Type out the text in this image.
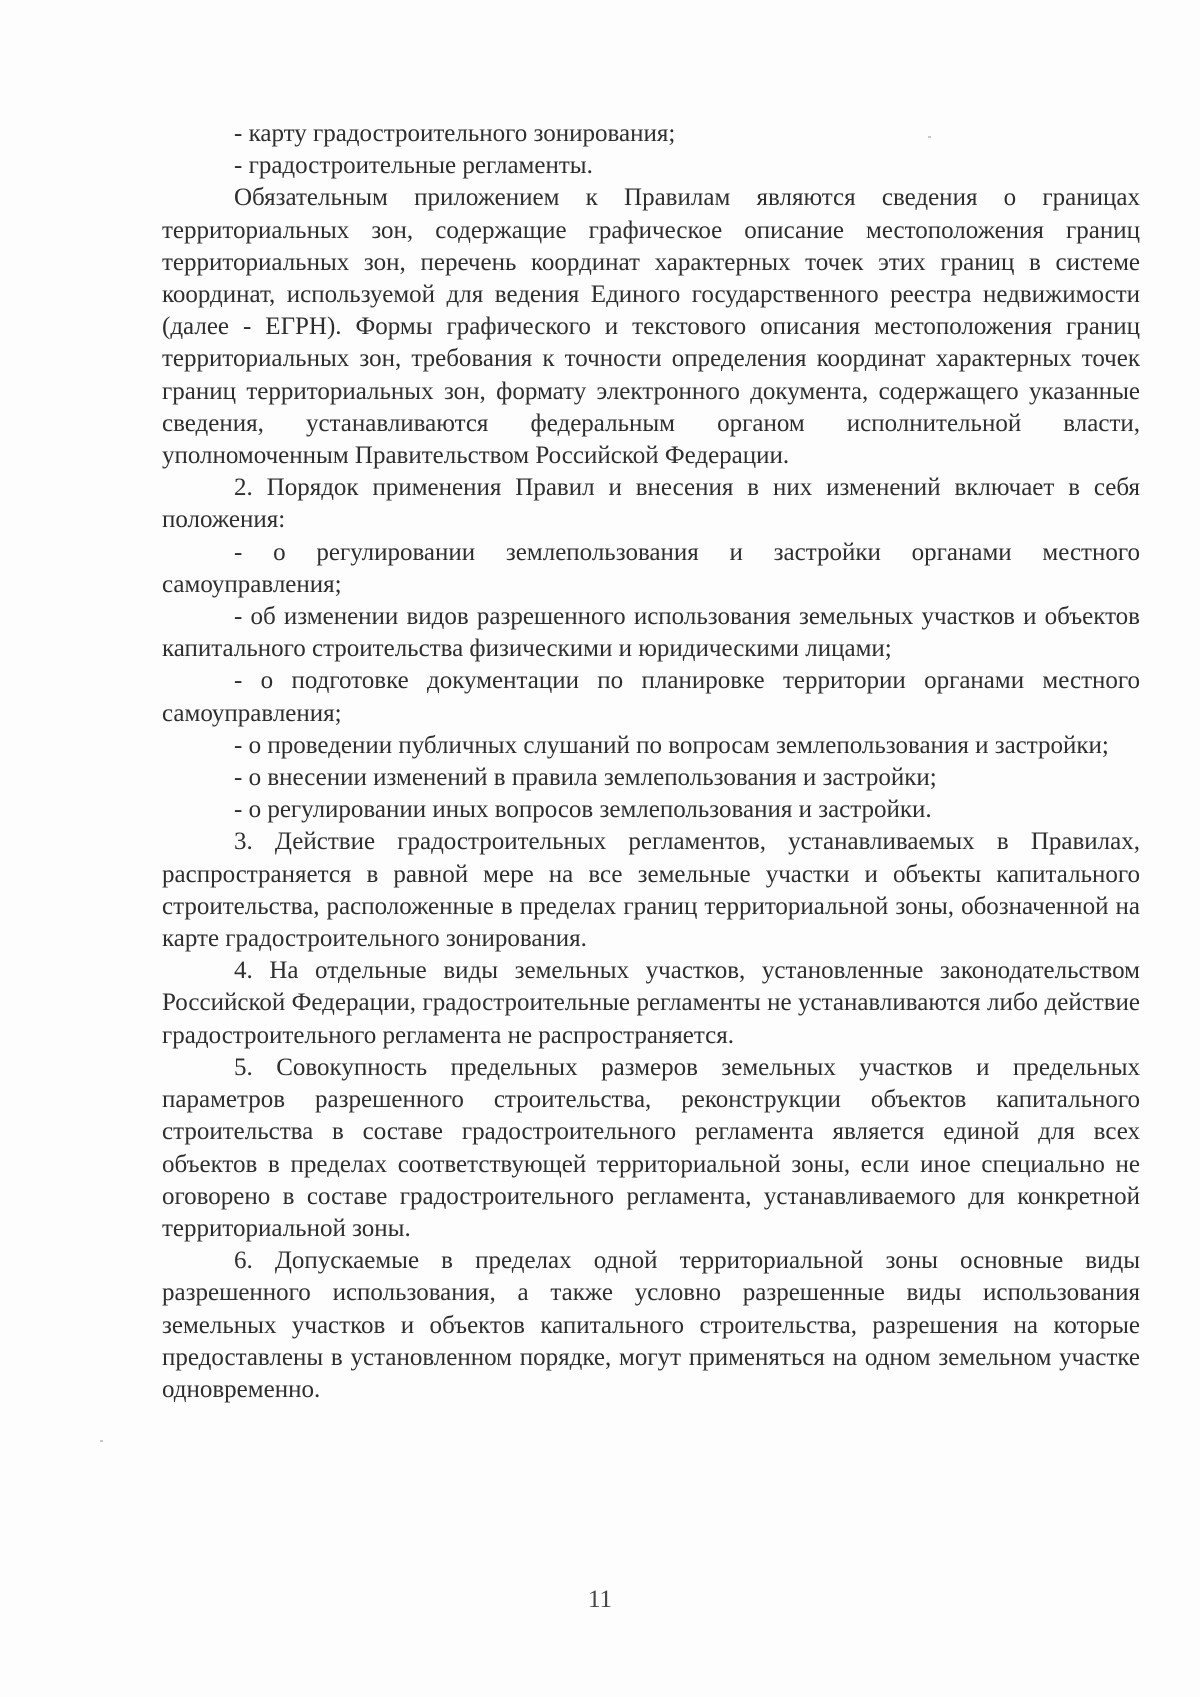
- карту градостроительного зонирования;

- градостроительные регламенты.

Обязательным приложением к Правилам являются сведения о границах территориальных зон, содержащие графическое описание местоположения границ территориальных зон, перечень координат характерных точек этих границ в системе координат, используемой для ведения Единого государственного реестра недвижимости (далее - ЕГРН). Формы графического и текстового описания местоположения границ территориальных зон, требования к точности определения координат характерных точек границ территориальных зон, формату электронного документа, содержащего указанные сведения, устанавливаются федеральным органом исполнительной власти, уполномоченным Правительством Российской Федерации.

2. Порядок применения Правил и внесения в них изменений включает в себя положения:

- о регулировании землепользования и застройки органами местного самоуправления;

- об изменении видов разрешенного использования земельных участков и объектов капитального строительства физическими и юридическими лицами;

- о подготовке документации по планировке территории органами местного самоуправления;

- о проведении публичных слушаний по вопросам землепользования и застройки;

- о внесении изменений в правила землепользования и застройки;

- о регулировании иных вопросов землепользования и застройки.

3. Действие градостроительных регламентов, устанавливаемых в Правилах, распространяется в равной мере на все земельные участки и объекты капитального строительства, расположенные в пределах границ территориальной зоны, обозначенной на карте градостроительного зонирования.

4. На отдельные виды земельных участков, установленные законодательством Российской Федерации, градостроительные регламенты не устанавливаются либо действие градостроительного регламента не распространяется.

5. Совокупность предельных размеров земельных участков и предельных параметров разрешенного строительства, реконструкции объектов капитального строительства в составе градостроительного регламента является единой для всех объектов в пределах соответствующей территориальной зоны, если иное специально не оговорено в составе градостроительного регламента, устанавливаемого для конкретной территориальной зоны.

6. Допускаемые в пределах одной территориальной зоны основные виды разрешенного использования, а также условно разрешенные виды использования земельных участков и объектов капитального строительства, разрешения на которые предоставлены в установленном порядке, могут применяться на одном земельном участке одновременно.

11
